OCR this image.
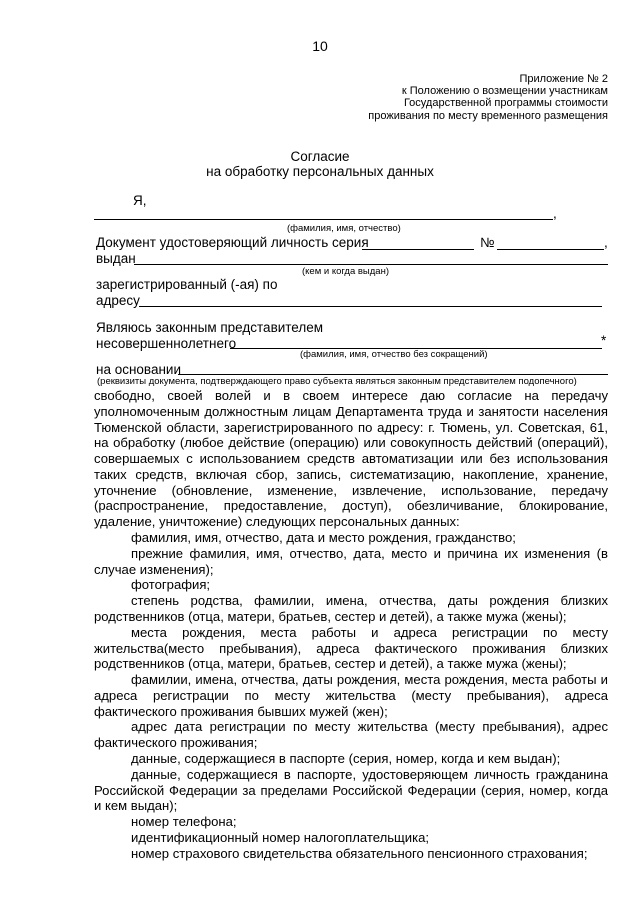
10
Приложение № 2
к Положению о возмещении участникам
Государственной программы стоимости
проживания по месту временного размещения
Согласие
на обработку персональных данных
Я,
,
(фамилия, имя, отчество)
Документ удостоверяющий личность серия	№	,
выдан
(кем и когда выдан)
зарегистрированный (-ая) по
адресу
Являюсь законным представителем
несовершеннолетнего	*
(фамилия, имя, отчество без сокращений)
на основании
(реквизиты документа, подтверждающего право субъекта являться законным представителем подопечного)

свободно, своей волей и в своем интересе даю согласие на передачу уполномоченным должностным лицам Департамента труда и занятости населения Тюменской области, зарегистрированного по адресу: г. Тюмень, ул. Советская, 61, на обработку (любое действие (операцию) или совокупность действий (операций), совершаемых с использованием средств автоматизации или без использования таких средств, включая сбор, запись, систематизацию, накопление, хранение, уточнение (обновление, изменение, извлечение, использование, передачу (распространение, предоставление, доступ), обезличивание, блокирование, удаление, уничтожение) следующих персональных данных:

фамилия, имя, отчество, дата и место рождения, гражданство;

прежние фамилия, имя, отчество, дата, место и причина их изменения (в случае изменения);

фотография;

степень родства, фамилии, имена, отчества, даты рождения близких родственников (отца, матери, братьев, сестер и детей), а также мужа (жены);

места рождения, места работы и адреса регистрации по месту жительства(место пребывания), адреса фактического проживания близких родственников (отца, матери, братьев, сестер и детей), а также мужа (жены);

фамилии, имена, отчества, даты рождения, места рождения, места работы и адреса регистрации по месту жительства (месту пребывания), адреса фактического проживания бывших мужей (жен);

адрес дата регистрации по месту жительства (месту пребывания), адрес фактического проживания;

данные, содержащиеся в паспорте (серия, номер, когда и кем выдан);

данные, содержащиеся в паспорте, удостоверяющем личность гражданина Российской Федерации за пределами Российской Федерации (серия, номер, когда и кем выдан);

номер телефона;

идентификационный номер налогоплательщика;

номер страхового свидетельства обязательного пенсионного страхования;
